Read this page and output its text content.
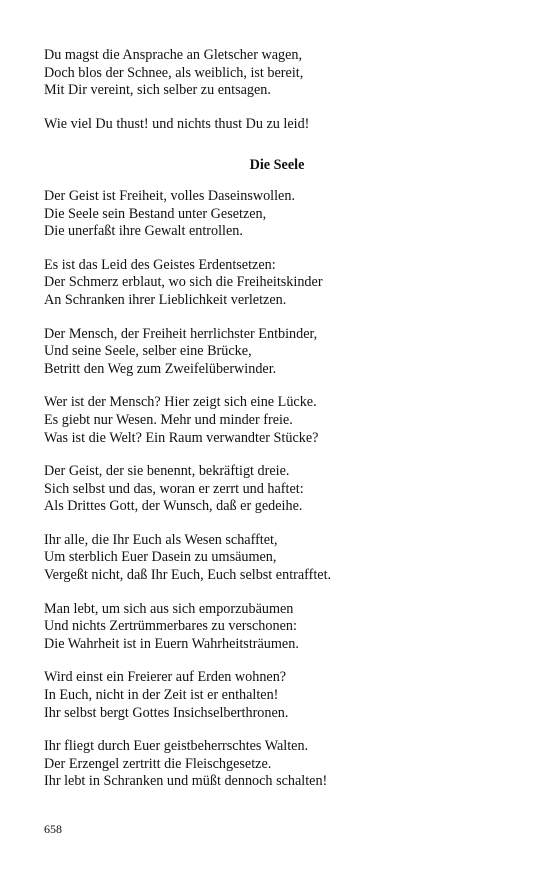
Du magst die Ansprache an Gletscher wagen,
Doch blos der Schnee, als weiblich, ist bereit,
Mit Dir vereint, sich selber zu entsagen.
Wie viel Du thust! und nichts thust Du zu leid!
Die Seele
Der Geist ist Freiheit, volles Daseinswollen.
Die Seele sein Bestand unter Gesetzen,
Die unerfaßt ihre Gewalt entrollen.
Es ist das Leid des Geistes Erdentsetzen:
Der Schmerz erblaut, wo sich die Freiheitskinder
An Schranken ihrer Lieblichkeit verletzen.
Der Mensch, der Freiheit herrlichster Entbinder,
Und seine Seele, selber eine Brücke,
Betritt den Weg zum Zweifelüberwinder.
Wer ist der Mensch? Hier zeigt sich eine Lücke.
Es giebt nur Wesen. Mehr und minder freie.
Was ist die Welt? Ein Raum verwandter Stücke?
Der Geist, der sie benennt, bekräftigt dreie.
Sich selbst und das, woran er zerrt und haftet:
Als Drittes Gott, der Wunsch, daß er gedeihe.
Ihr alle, die Ihr Euch als Wesen schafftet,
Um sterblich Euer Dasein zu umsäumen,
Vergeßt nicht, daß Ihr Euch, Euch selbst entrafftet.
Man lebt, um sich aus sich emporzubäumen
Und nichts Zertrümmerbares zu verschonen:
Die Wahrheit ist in Euern Wahrheitsträumen.
Wird einst ein Freierer auf Erden wohnen?
In Euch, nicht in der Zeit ist er enthalten!
Ihr selbst bergt Gottes Insichselberthronen.
Ihr fliegt durch Euer geistbeherrschtes Walten.
Der Erzengel zertritt die Fleischgesetze.
Ihr lebt in Schranken und müßt dennoch schalten!
658
